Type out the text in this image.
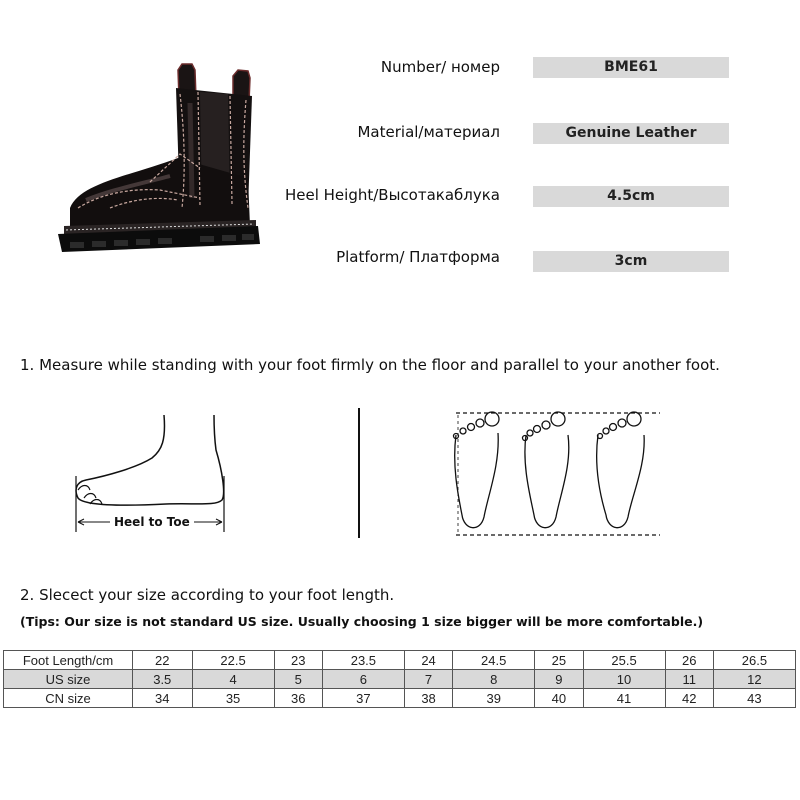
Number/ номер	BME61
Material/материал	Genuine Leather
Heel Height/Высотакаблука	4.5cm
Platform/ Платформа	3cm
1. Measure while standing with your foot firmly on the floor and parallel to your another foot.
Heel to Toe
2. Slecect your size according to your foot length.
(Tips: Our size is not standard US size. Usually choosing 1 size bigger will be more comfortable.)
Foot Length/cm	22	22.5	23	23.5	24	24.5	25	25.5	26	26.5
US size	3.5	4	5	6	7	8	9	10	11	12
CN size	34	35	36	37	38	39	40	41	42	43
